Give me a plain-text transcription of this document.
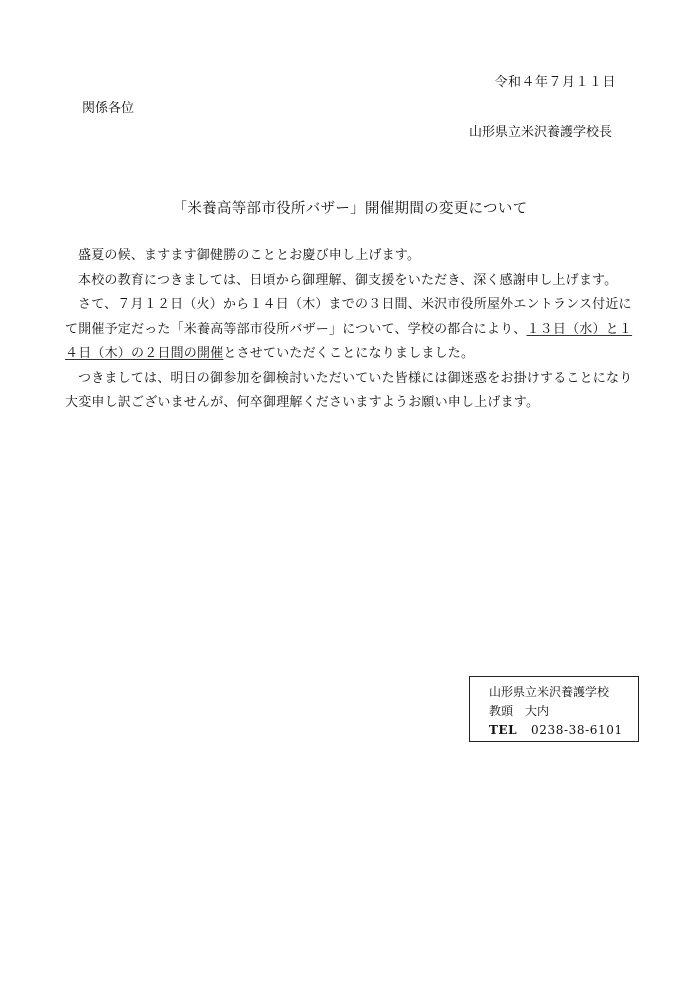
令和４年７月１１日
関係各位
山形県立米沢養護学校長
「米養高等部市役所バザー」開催期間の変更について

盛夏の候、ますます御健勝のこととお慶び申し上げます。

本校の教育につきましては、日頃から御理解、御支援をいただき、深く感謝申し上げます。

さて、７月１２日（火）から１４日（木）までの３日間、米沢市役所屋外エントランス付近にて開催予定だった「米養高等部市役所バザー」について、学校の都合により、１３日（水）と１４日（木）の２日間の開催とさせていただくことになりましました。

つきましては、明日の御参加を御検討いただいていた皆様には御迷惑をお掛けすることになり大変申し訳ございませんが、何卒御理解くださいますようお願い申し上げます。

山形県立米沢養護学校
教頭　大内
TEL 0238-38-6101
